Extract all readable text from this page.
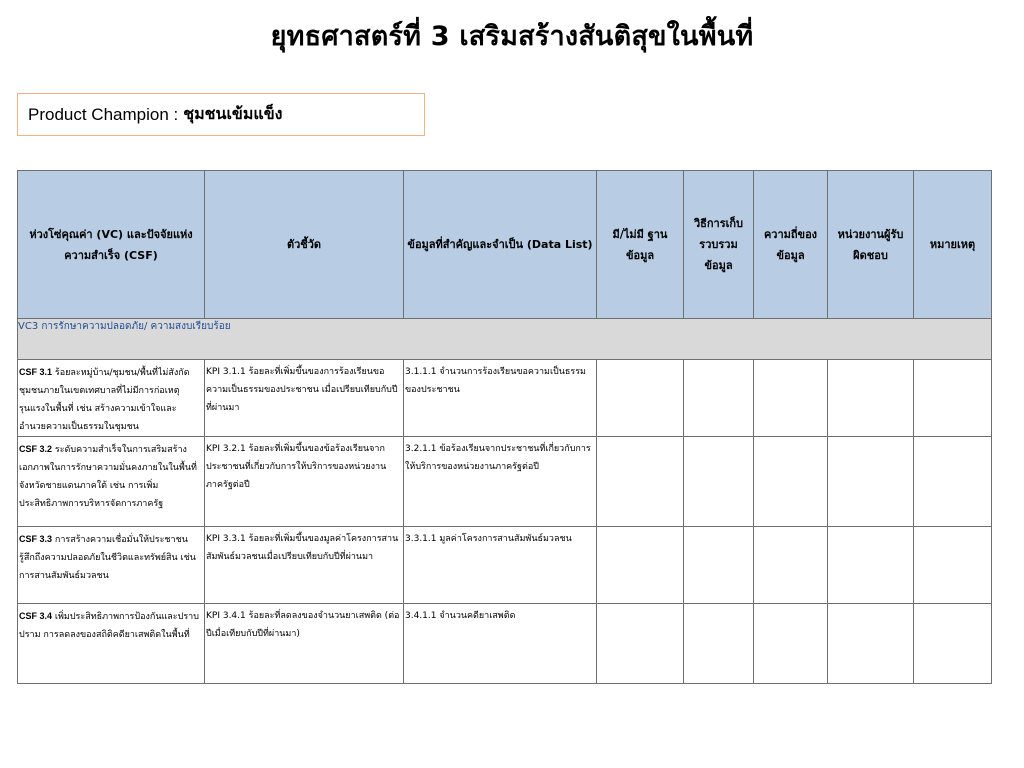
ยุทธศาสตร์ที่ 3 เสริมสร้างสันติสุขในพื้นที่
Product Champion : ชุมชนเข้มแข็ง
ห่วงโซ่คุณค่า (VC) และปัจจัยแห่งความสำเร็จ (CSF)	ตัวชี้วัด	ข้อมูลที่สำคัญและจำเป็น (Data List)	มี/ไม่มี ฐานข้อมูล	วิธีการเก็บรวบรวมข้อมูล	ความถี่ของข้อมูล	หน่วยงานผู้รับผิดชอบ	หมายเหตุ
VC3 การรักษาความปลอดภัย/ ความสงบเรียบร้อย							
CSF 3.1 ร้อยละหมู่บ้าน/ชุมชน/พื้นที่ไม่สังกัดชุมชนภายในเขตเทศบาลที่ไม่มีการก่อเหตุรุนแรงในพื้นที่ เช่น สร้างความเข้าใจและอำนวยความเป็นธรรมในชุมชน	KPI 3.1.1 ร้อยละที่เพิ่มขึ้นของการร้องเรียนขอความเป็นธรรมของประชาชน เมื่อเปรียบเทียบกับปีที่ผ่านมา	3.1.1.1 จำนวนการร้องเรียนขอความเป็นธรรมของประชาชน					
CSF 3.2 ระดับความสำเร็จในการเสริมสร้างเอกภาพในการรักษาความมั่นคงภายในในพื้นที่จังหวัดชายแดนภาคใต้ เช่น การเพิ่มประสิทธิภาพการบริหารจัดการภาครัฐ	KPI 3.2.1 ร้อยละที่เพิ่มขึ้นของข้อร้องเรียนจากประชาชนที่เกี่ยวกับการให้บริการของหน่วยงานภาครัฐต่อปี	3.2.1.1 ข้อร้องเรียนจากประชาชนที่เกี่ยวกับการให้บริการของหน่วยงานภาครัฐต่อปี					
CSF 3.3 การสร้างความเชื่อมั่นให้ประชาชนรู้สึกถึงความปลอดภัยในชีวิตและทรัพย์สิน เช่น การสานสัมพันธ์มวลชน	KPI 3.3.1 ร้อยละที่เพิ่มขึ้นของมูลค่าโครงการสานสัมพันธ์มวลชนเมื่อเปรียบเทียบกับปีที่ผ่านมา	3.3.1.1 มูลค่าโครงการสานสัมพันธ์มวลชน					
CSF 3.4 เพิ่มประสิทธิภาพการป้องกันและปราบปราม การลดลงของสถิติคดียาเสพติดในพื้นที่	KPI 3.4.1 ร้อยละที่ลดลงของจำนวนยาเสพติด (ต่อปีเมื่อเทียบกับปีที่ผ่านมา)	3.4.1.1 จำนวนคดียาเสพติด					
